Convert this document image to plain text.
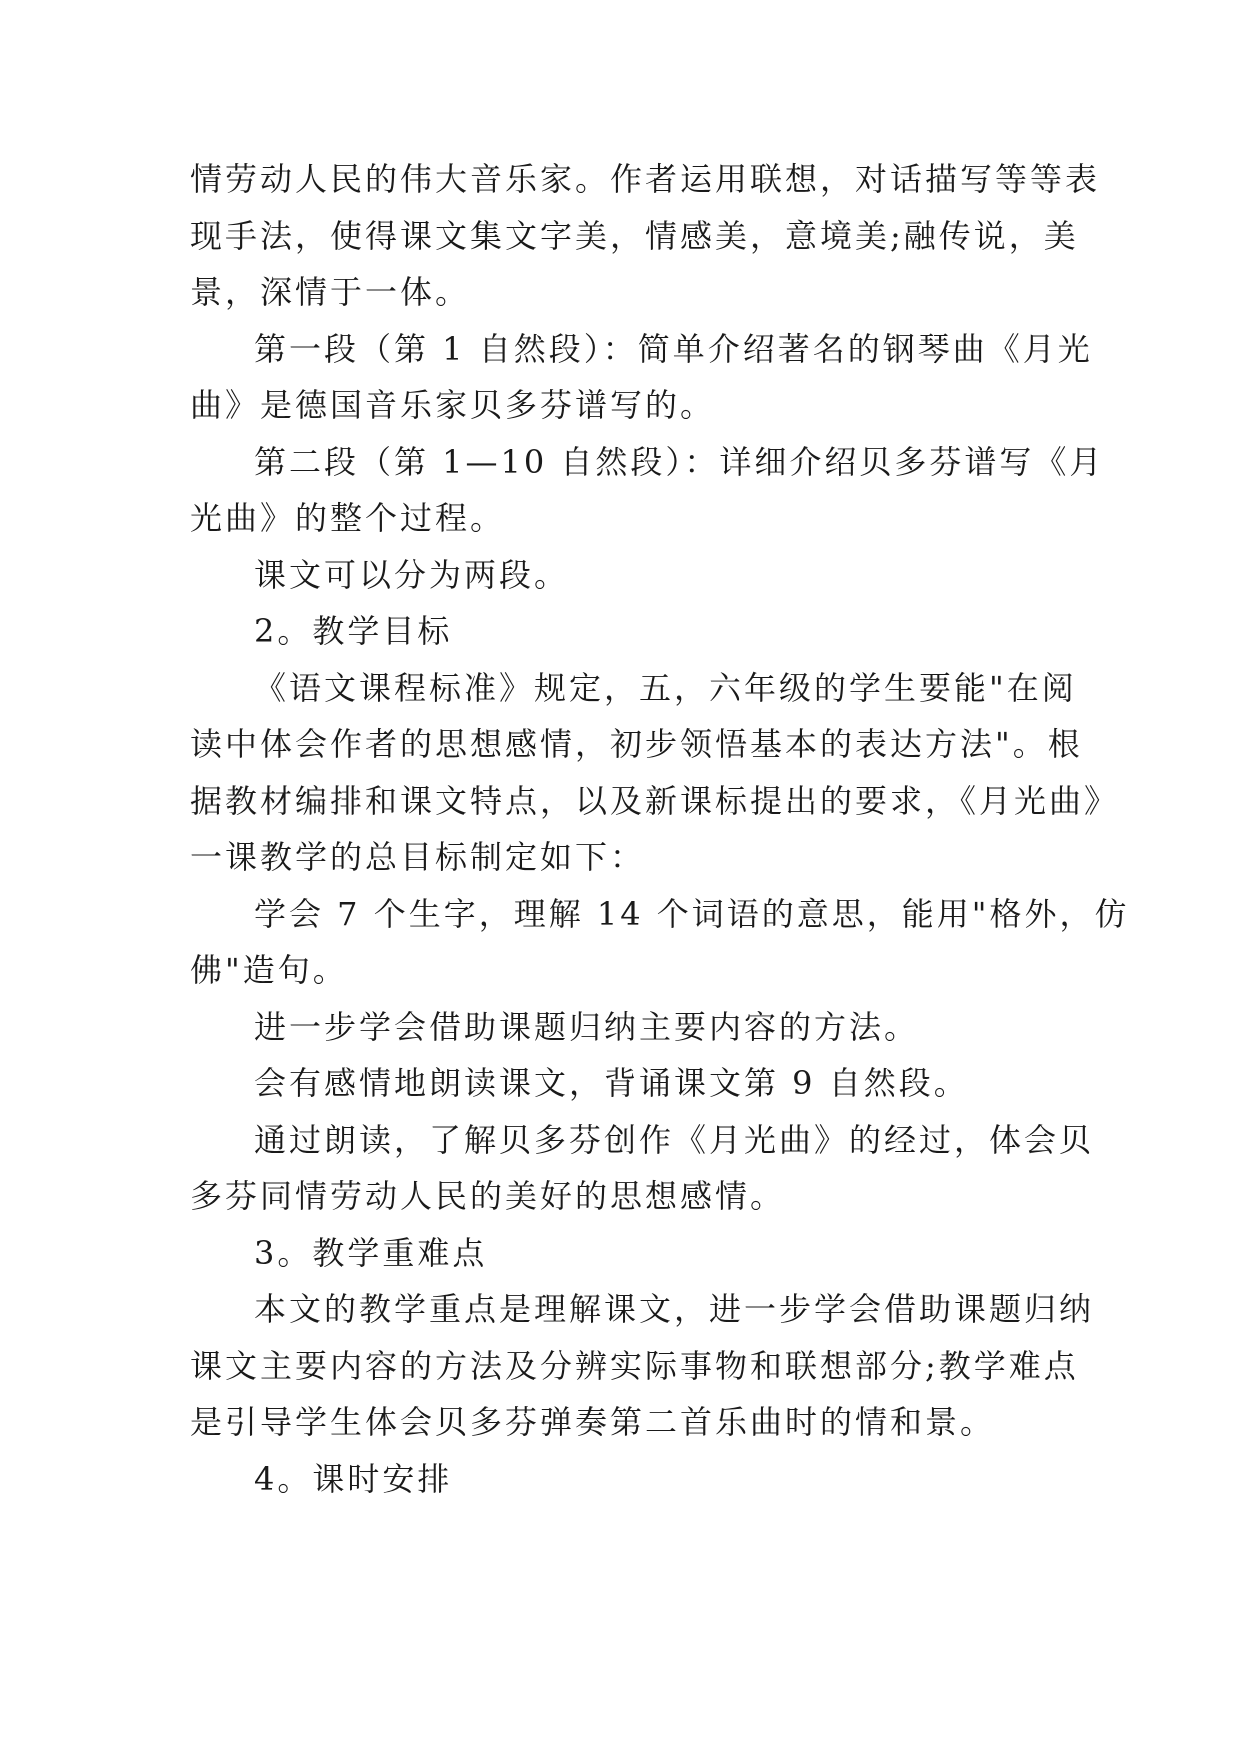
情劳动人民的伟大音乐家。作者运用联想，对话描写等等表
现手法，使得课文集文字美，情感美，意境美;融传说，美
景，深情于一体。
第一段（第 1 自然段）：简单介绍著名的钢琴曲《月光
曲》是德国音乐家贝多芬谱写的。
第二段（第 1—10 自然段）：详细介绍贝多芬谱写《月
光曲》的整个过程。
课文可以分为两段。
2。教学目标
《语文课程标准》规定，五，六年级的学生要能"在阅
读中体会作者的思想感情，初步领悟基本的表达方法"。根
据教材编排和课文特点，以及新课标提出的要求，《月光曲》
一课教学的总目标制定如下：
学会 7 个生字，理解 14 个词语的意思，能用"格外，仿
佛"造句。
进一步学会借助课题归纳主要内容的方法。
会有感情地朗读课文，背诵课文第 9 自然段。
通过朗读，了解贝多芬创作《月光曲》的经过，体会贝
多芬同情劳动人民的美好的思想感情。
3。教学重难点
本文的教学重点是理解课文，进一步学会借助课题归纳
课文主要内容的方法及分辨实际事物和联想部分;教学难点
是引导学生体会贝多芬弹奏第二首乐曲时的情和景。
4。课时安排
